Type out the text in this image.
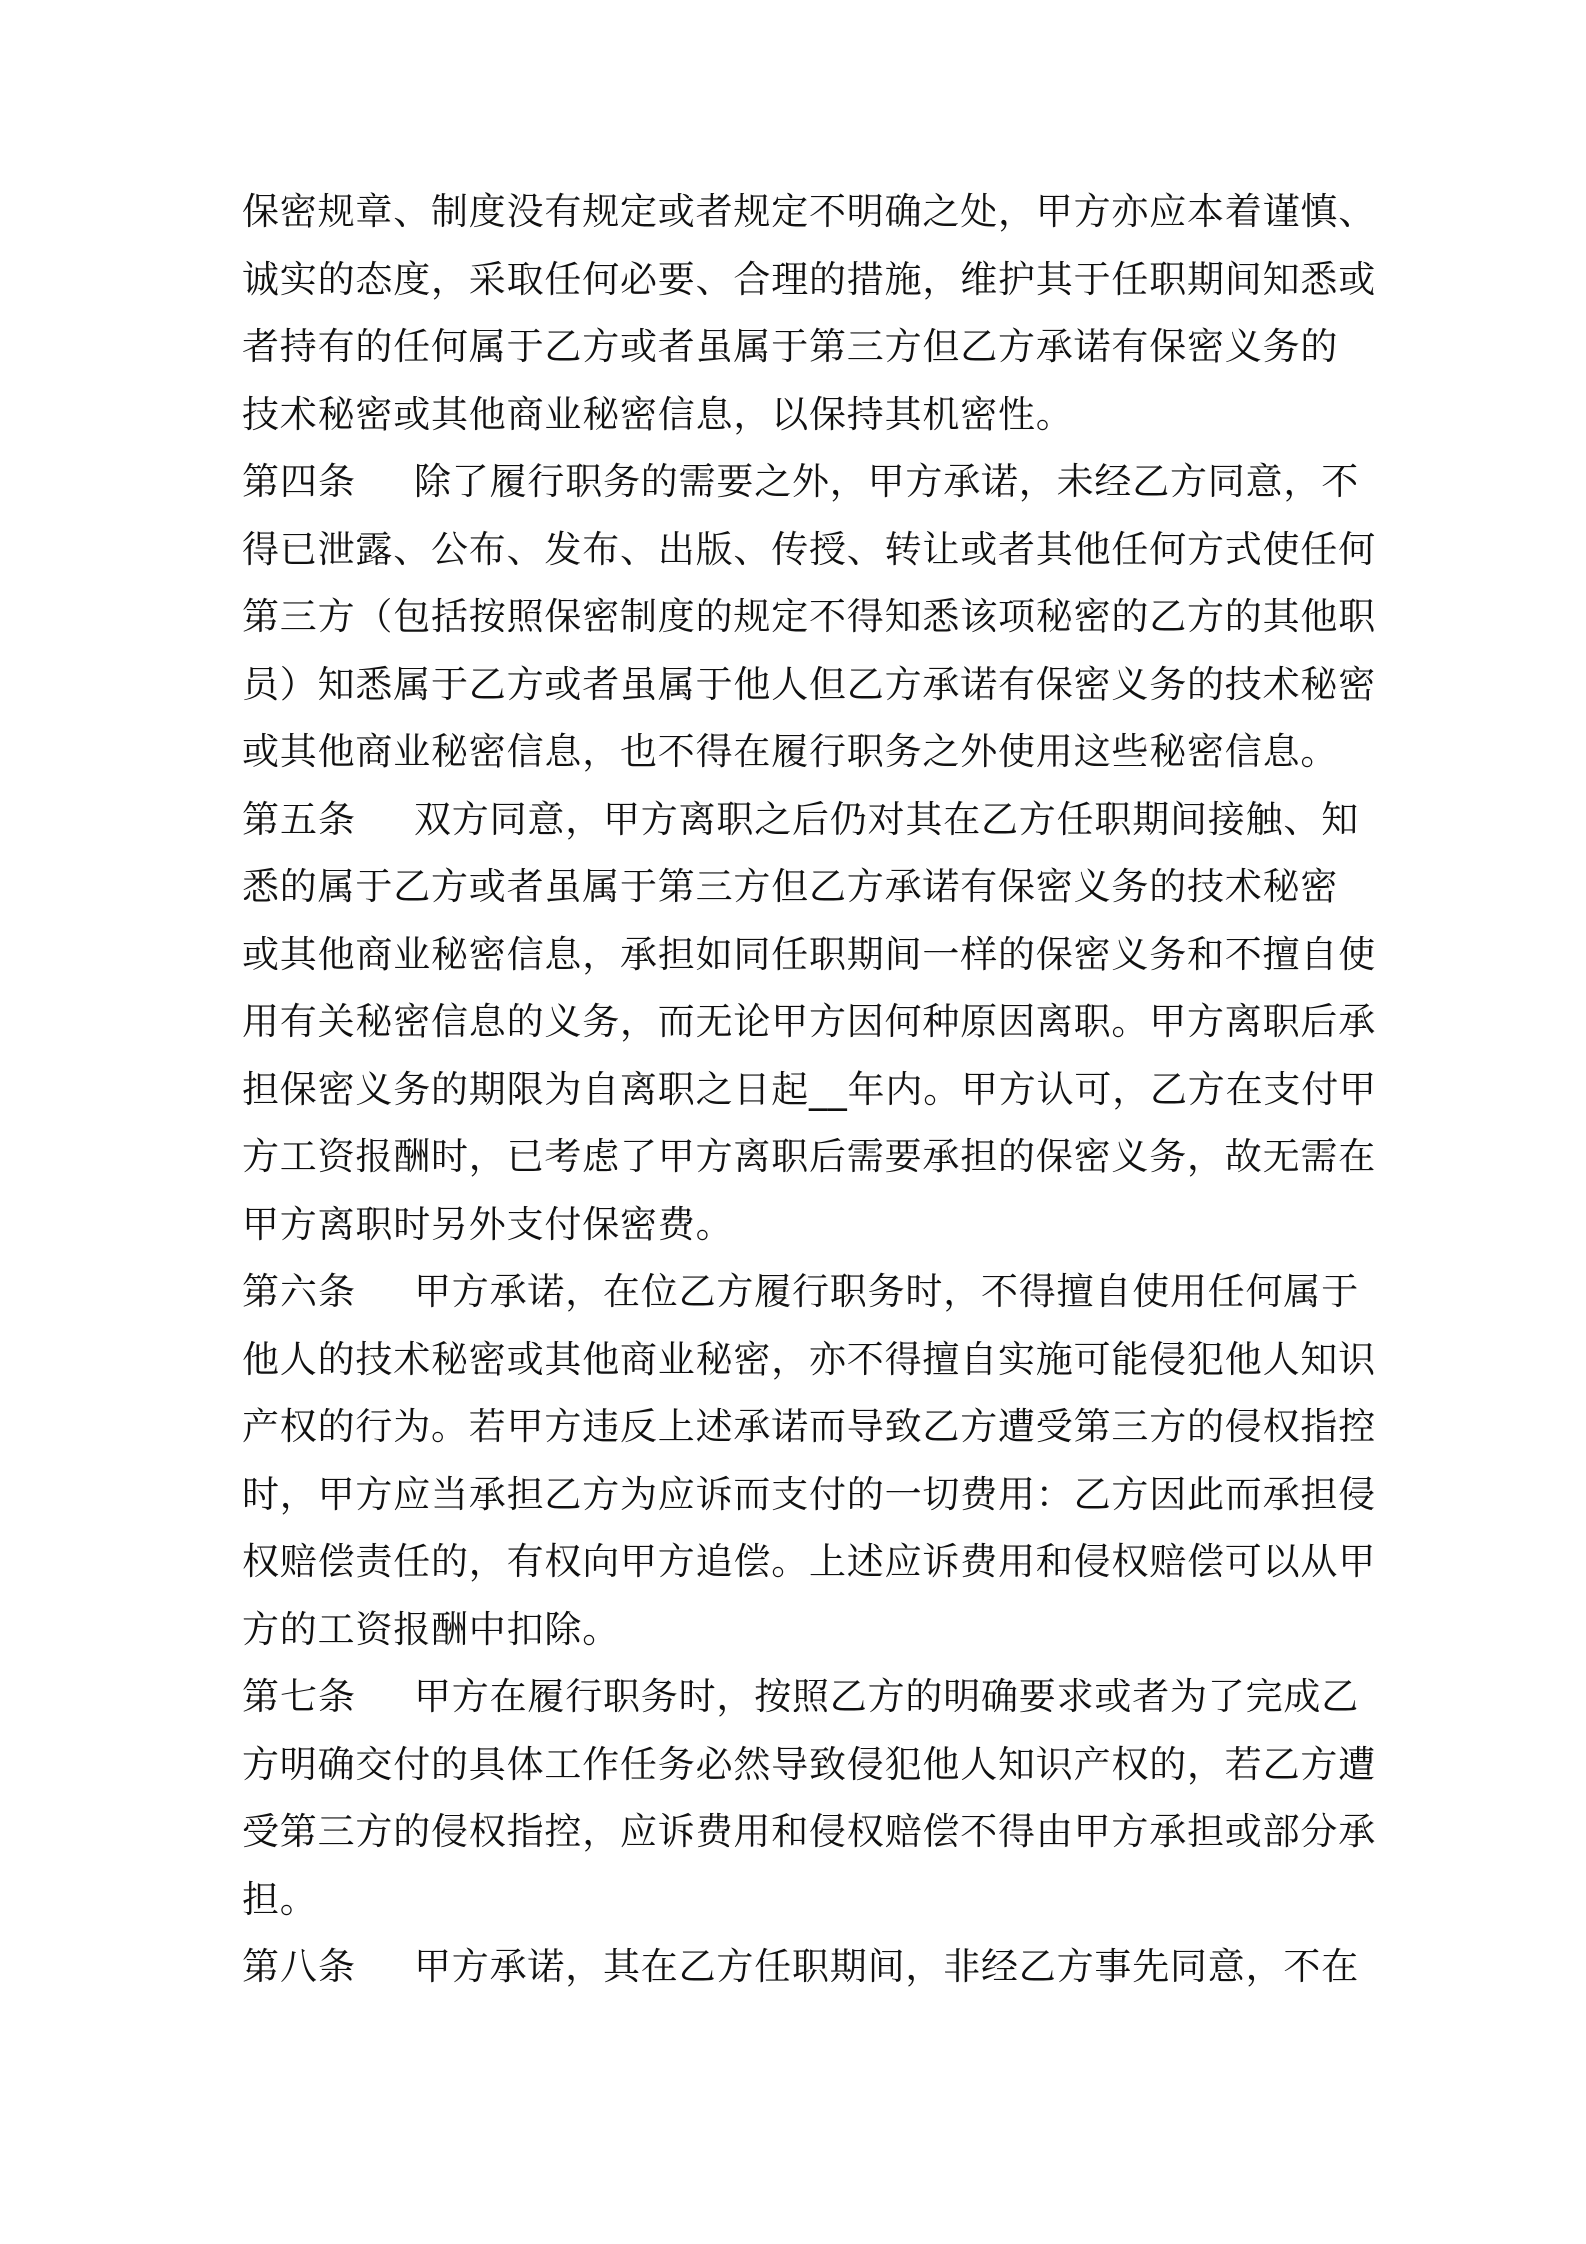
保密规章、制度没有规定或者规定不明确之处，甲方亦应本着谨慎、
诚实的态度，采取任何必要、合理的措施，维护其于任职期间知悉或
者持有的任何属于乙方或者虽属于第三方但乙方承诺有保密义务的
技术秘密或其他商业秘密信息，以保持其机密性。
第四条 除了履行职务的需要之外，甲方承诺，未经乙方同意，不
得已泄露、公布、发布、出版、传授、转让或者其他任何方式使任何
第三方（包括按照保密制度的规定不得知悉该项秘密的乙方的其他职
员）知悉属于乙方或者虽属于他人但乙方承诺有保密义务的技术秘密
或其他商业秘密信息，也不得在履行职务之外使用这些秘密信息。
第五条 双方同意，甲方离职之后仍对其在乙方任职期间接触、知
悉的属于乙方或者虽属于第三方但乙方承诺有保密义务的技术秘密
或其他商业秘密信息，承担如同任职期间一样的保密义务和不擅自使
用有关秘密信息的义务，而无论甲方因何种原因离职。甲方离职后承
担保密义务的期限为自离职之日起__年内。甲方认可，乙方在支付甲
方工资报酬时，已考虑了甲方离职后需要承担的保密义务，故无需在
甲方离职时另外支付保密费。
第六条 甲方承诺，在位乙方履行职务时，不得擅自使用任何属于
他人的技术秘密或其他商业秘密，亦不得擅自实施可能侵犯他人知识
产权的行为。若甲方违反上述承诺而导致乙方遭受第三方的侵权指控
时，甲方应当承担乙方为应诉而支付的一切费用：乙方因此而承担侵
权赔偿责任的，有权向甲方追偿。上述应诉费用和侵权赔偿可以从甲
方的工资报酬中扣除。
第七条 甲方在履行职务时，按照乙方的明确要求或者为了完成乙
方明确交付的具体工作任务必然导致侵犯他人知识产权的，若乙方遭
受第三方的侵权指控，应诉费用和侵权赔偿不得由甲方承担或部分承
担。
第八条 甲方承诺，其在乙方任职期间，非经乙方事先同意，不在
